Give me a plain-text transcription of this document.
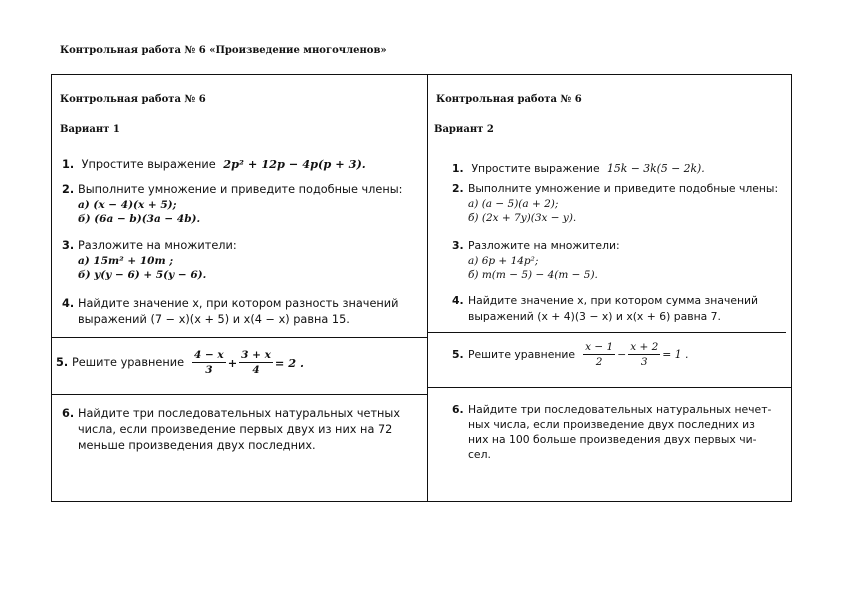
Контрольная работа № 6 «Произведение многочленов»
Контрольная работа № 6
Вариант 1
1. Упростите выражение 2p² + 12p − 4p(p + 3).
2. Выполните умножение и приведите подобные члены:
а) (x − 4)(x + 5);
б) (6a − b)(3a − 4b).
3. Разложите на множители:
а) 15m² + 10m ;
б) y(y − 6) + 5(y − 6).
4. Найдите значение x, при котором разность значений
выражений (7 − x)(x + 5) и x(4 − x) равна 15.
5. Решите уравнение $\frac{4 - x}{3} + \frac{3 + x}{4} = 2$ .
6. Найдите три последовательных натуральных четных
числа, если произведение первых двух из них на 72
меньше произведения двух последних.
Контрольная работа № 6
Вариант 2
1. Упростите выражение 15k − 3k(5 − 2k).
2. Выполните умножение и приведите подобные члены:
а) (a − 5)(a + 2);
б) (2x + 7y)(3x − y).
3. Разложите на множители:
а) 6p + 14p²;
б) m(m − 5) − 4(m − 5).
4. Найдите значение x, при котором сумма значений
выражений (x + 4)(3 − x) и x(x + 6) равна 7.
5. Решите уравнение $\frac{x - 1}{2} - \frac{x + 2}{3} = 1$ .
6. Найдите три последовательных натуральных нечет-
ных числа, если произведение двух последних из
них на 100 больше произведения двух первых чи-
сел.
